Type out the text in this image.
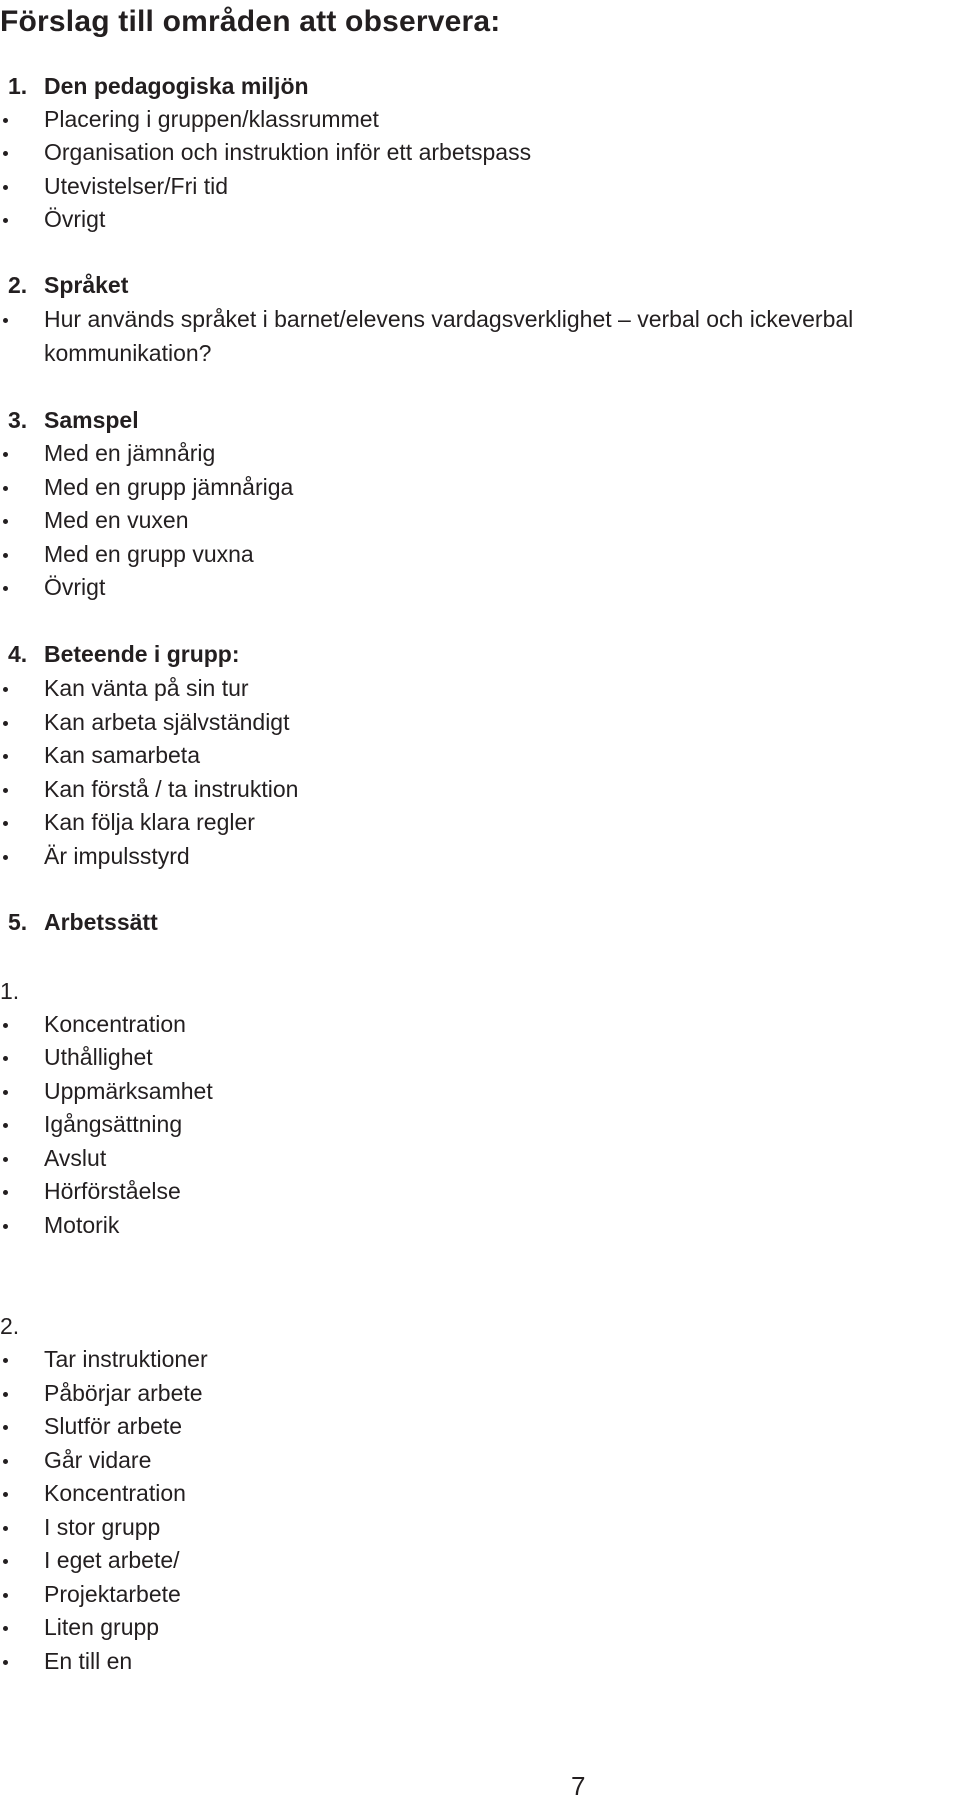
Förslag till områden att observera:
1. Den pedagogiska miljön
Placering i gruppen/klassrummet
Organisation och instruktion inför ett arbetspass
Utevistelser/Fri tid
Övrigt
2. Språket
Hur används språket i barnet/elevens vardagsverklighet – verbal och ickeverbal kommunikation?
3. Samspel
Med en jämnårig
Med en grupp jämnåriga
Med en vuxen
Med en grupp vuxna
Övrigt
4. Beteende i grupp:
Kan vänta på sin tur
Kan arbeta självständigt
Kan samarbeta
Kan förstå / ta instruktion
Kan följa klara regler
Är impulsstyrd
5. Arbetssätt
1.
Koncentration
Uthållighet
Uppmärksamhet
Igångsättning
Avslut
Hörförståelse
Motorik
2.
Tar instruktioner
Påbörjar arbete
Slutför arbete
Går vidare
Koncentration
I stor grupp
I eget arbete/
Projektarbete
Liten grupp
En till en
7
